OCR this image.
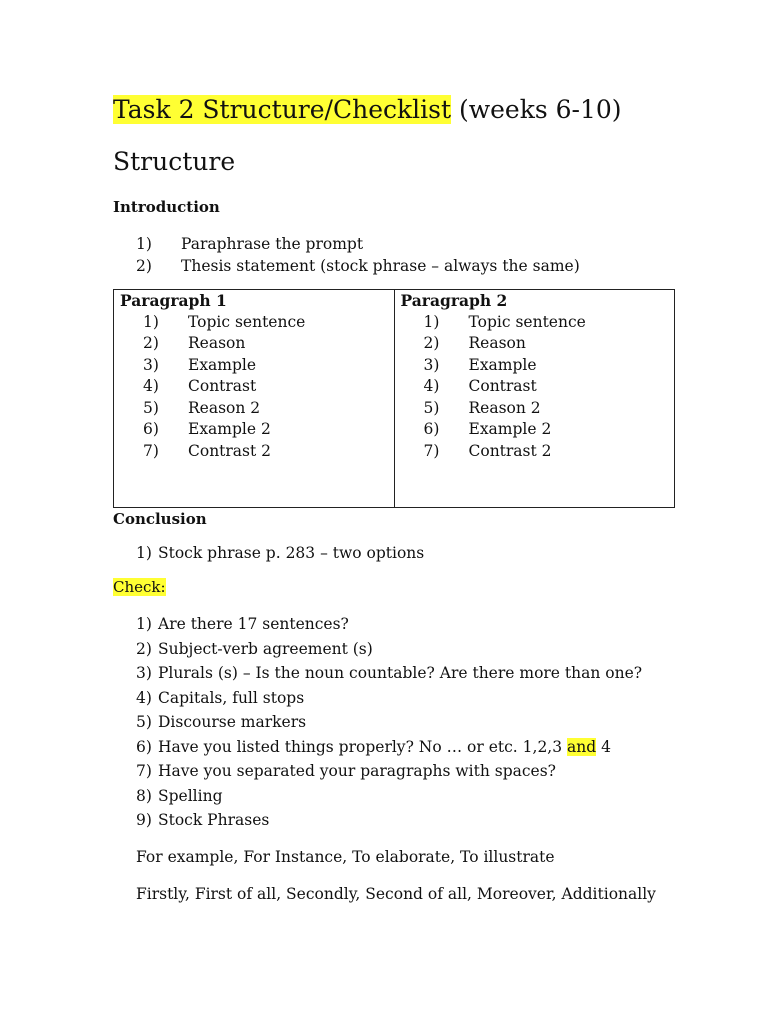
Task 2 Structure/Checklist (weeks 6-10)
Structure
Introduction
1) Paraphrase the prompt
2) Thesis statement (stock phrase – always the same)
Paragraph 1
1) Topic sentence
2) Reason
3) Example
4) Contrast
5) Reason 2
6) Example 2
7) Contrast 2

Paragraph 2
1) Topic sentence
2) Reason
3) Example
4) Contrast
5) Reason 2
6) Example 2
7) Contrast 2
Conclusion
1) Stock phrase p. 283 – two options
Check:
1) Are there 17 sentences?
2) Subject-verb agreement (s)
3) Plurals (s) – Is the noun countable? Are there more than one?
4) Capitals, full stops
5) Discourse markers
6) Have you listed things properly? No … or etc. 1,2,3 and 4
7) Have you separated your paragraphs with spaces?
8) Spelling
9) Stock Phrases
For example, For Instance, To elaborate, To illustrate
Firstly, First of all, Secondly, Second of all, Moreover, Additionally
